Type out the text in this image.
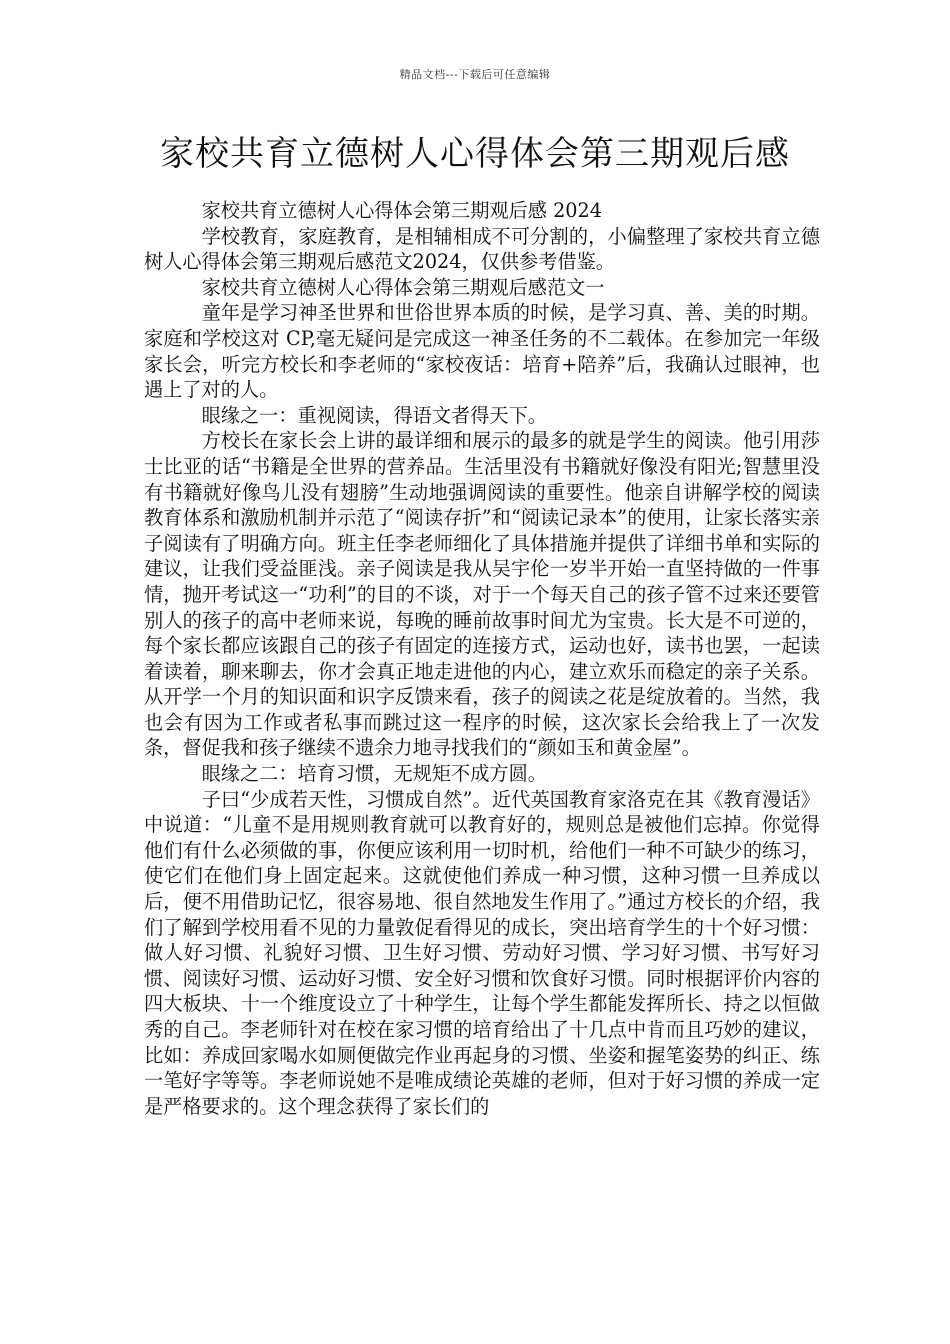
精品文档---下载后可任意编辑
家校共育立德树人心得体会第三期观后感

家校共育立德树人心得体会第三期观后感 2024

学校教育，家庭教育，是相辅相成不可分割的，小偏整理了家校共育立德树人心得体会第三期观后感范文2024，仅供参考借鉴。

家校共育立德树人心得体会第三期观后感范文一

童年是学习神圣世界和世俗世界本质的时候，是学习真、善、美的时期。家庭和学校这对 CP,毫无疑问是完成这一神圣任务的不二载体。在参加完一年级家长会，听完方校长和李老师的“家校夜话：培育+陪养”后，我确认过眼神，也遇上了对的人。

眼缘之一：重视阅读，得语文者得天下。

方校长在家长会上讲的最详细和展示的最多的就是学生的阅读。他引用莎士比亚的话“书籍是全世界的营养品。生活里没有书籍就好像没有阳光;智慧里没有书籍就好像鸟儿没有翅膀”生动地强调阅读的重要性。他亲自讲解学校的阅读教育体系和激励机制并示范了“阅读存折”和“阅读记录本”的使用，让家长落实亲子阅读有了明确方向。班主任李老师细化了具体措施并提供了详细书单和实际的建议，让我们受益匪浅。亲子阅读是我从吴宇伦一岁半开始一直坚持做的一件事情，抛开考试这一“功利”的目的不谈，对于一个每天自己的孩子管不过来还要管别人的孩子的高中老师来说，每晚的睡前故事时间尤为宝贵。长大是不可逆的，每个家长都应该跟自己的孩子有固定的连接方式，运动也好，读书也罢，一起读着读着，聊来聊去，你才会真正地走进他的内心，建立欢乐而稳定的亲子关系。从开学一个月的知识面和识字反馈来看，孩子的阅读之花是绽放着的。当然，我也会有因为工作或者私事而跳过这一程序的时候，这次家长会给我上了一次发条，督促我和孩子继续不遗余力地寻找我们的“颜如玉和黄金屋”。

眼缘之二：培育习惯，无规矩不成方圆。

子曰“少成若天性，习惯成自然”。近代英国教育家洛克在其《教育漫话》中说道：“儿童不是用规则教育就可以教育好的，规则总是被他们忘掉。你觉得他们有什么必须做的事，你便应该利用一切时机，给他们一种不可缺少的练习，使它们在他们身上固定起来。这就使他们养成一种习惯，这种习惯一旦养成以后，便不用借助记忆，很容易地、很自然地发生作用了。”通过方校长的介绍，我们了解到学校用看不见的力量敦促看得见的成长，突出培育学生的十个好习惯：做人好习惯、礼貌好习惯、卫生好习惯、劳动好习惯、学习好习惯、书写好习惯、阅读好习惯、运动好习惯、安全好习惯和饮食好习惯。同时根据评价内容的四大板块、十一个维度设立了十种学生，让每个学生都能发挥所长、持之以恒做秀的自己。李老师针对在校在家习惯的培育给出了十几点中肯而且巧妙的建议，比如：养成回家喝水如厕便做完作业再起身的习惯、坐姿和握笔姿势的纠正、练一笔好字等等。李老师说她不是唯成绩论英雄的老师，但对于好习惯的养成一定是严格要求的。这个理念获得了家长们的
